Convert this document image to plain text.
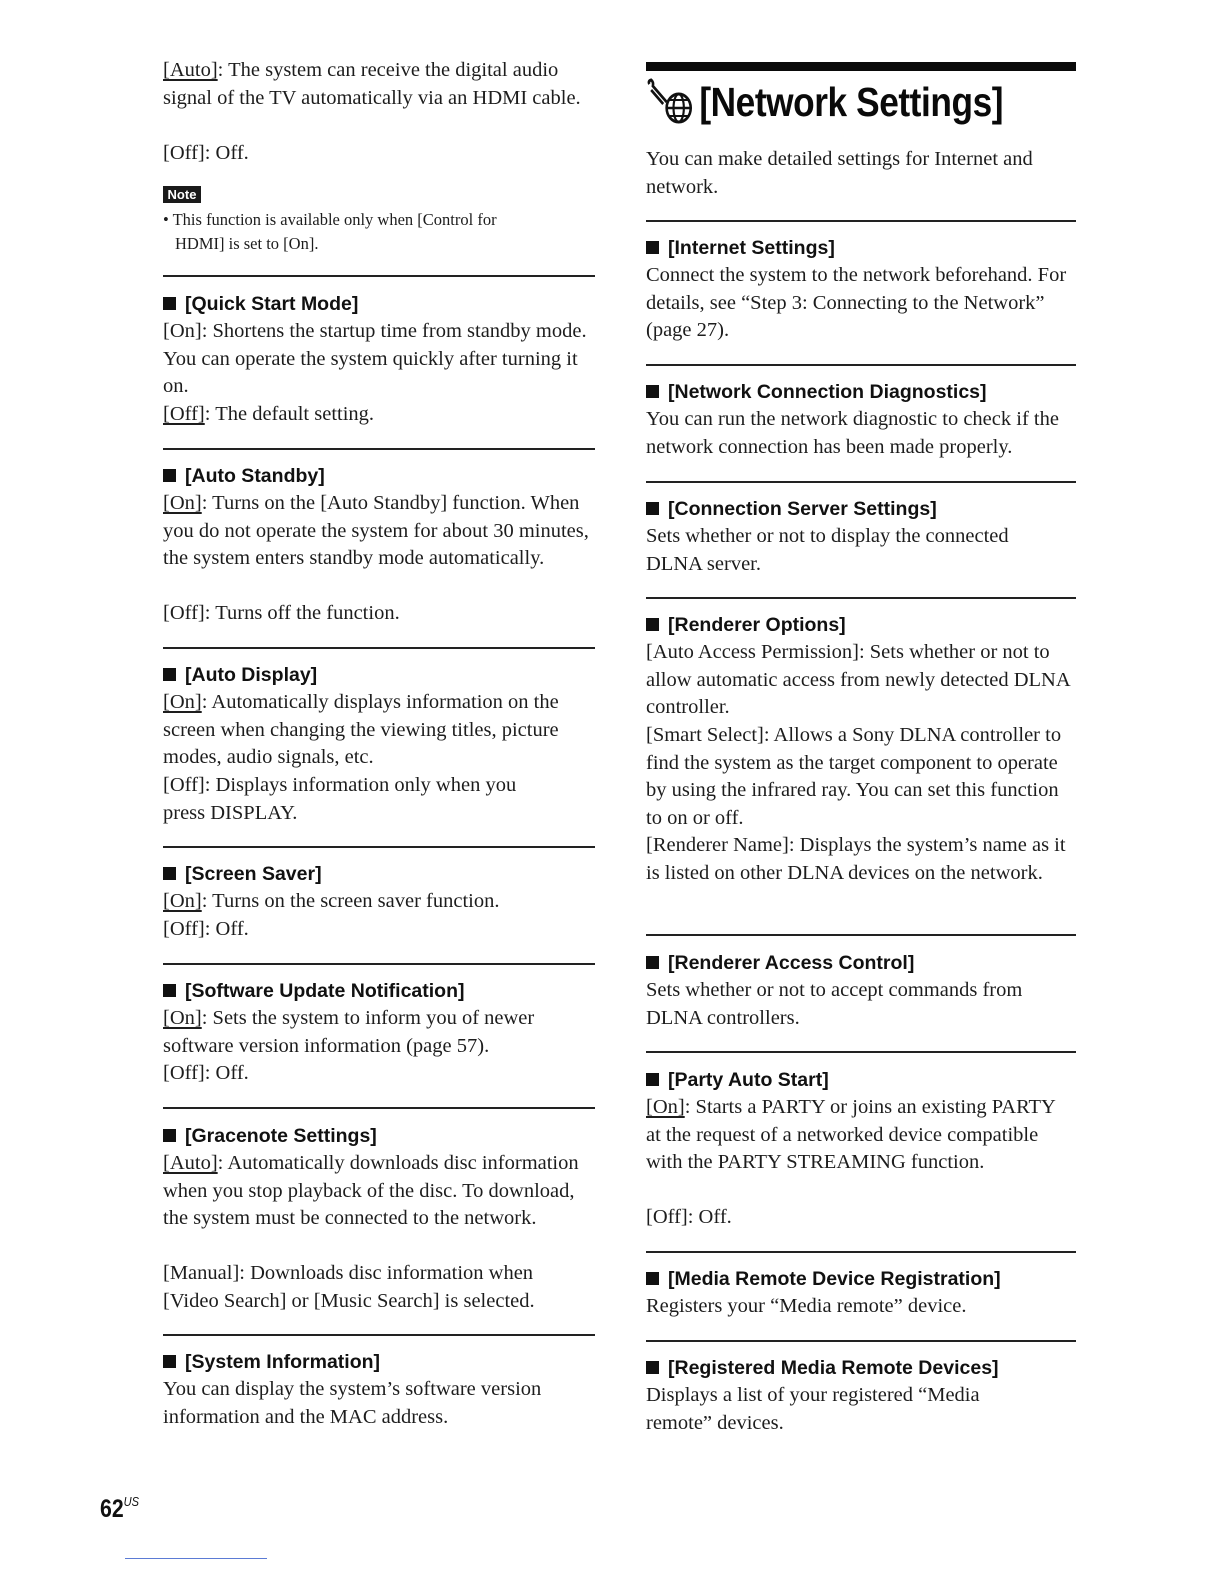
[Auto]: The system can receive the digital audio signal of the TV automatically via an HDMI cable.

[Off]: Off.

Note
• This function is available only when [Control for
HDMI] is set to [On].
[Quick Start Mode]

[On]: Shortens the startup time from standby mode. You can operate the system quickly after turning it on.

[Off]: The default setting.

[Auto Standby]

[On]: Turns on the [Auto Standby] function. When you do not operate the system for about 30 minutes, the system enters standby mode automatically.

[Off]: Turns off the function.

[Auto Display]

[On]: Automatically displays information on the screen when changing the viewing titles, picture modes, audio signals, etc.

[Off]: Displays information only when you press DISPLAY.

[Screen Saver]

[On]: Turns on the screen saver function.

[Off]: Off.

[Software Update Notification]

[On]: Sets the system to inform you of newer software version information (page 57).

[Off]: Off.

[Gracenote Settings]

[Auto]: Automatically downloads disc information when you stop playback of the disc. To download, the system must be connected to the network.

[Manual]: Downloads disc information when [Video Search] or [Music Search] is selected.

[System Information]

You can display the system’s software version information and the MAC address.

[Network Settings]

You can make detailed settings for Internet and network.

[Internet Settings]

Connect the system to the network beforehand. For details, see “Step 3: Connecting to the Network” (page 27).

[Network Connection Diagnostics]

You can run the network diagnostic to check if the network connection has been made properly.

[Connection Server Settings]

Sets whether or not to display the connected DLNA server.

[Renderer Options]

[Auto Access Permission]: Sets whether or not to allow automatic access from newly detected DLNA controller.

[Smart Select]: Allows a Sony DLNA controller to find the system as the target component to operate by using the infrared ray. You can set this function to on or off.

[Renderer Name]: Displays the system’s name as it is listed on other DLNA devices on the network.

[Renderer Access Control]

Sets whether or not to accept commands from DLNA controllers.

[Party Auto Start]

[On]: Starts a PARTY or joins an existing PARTY at the request of a networked device compatible with the PARTY STREAMING function.

[Off]: Off.

[Media Remote Device Registration]

Registers your “Media remote” device.

[Registered Media Remote Devices]

Displays a list of your registered “Media remote” devices.

$62^{US}$
